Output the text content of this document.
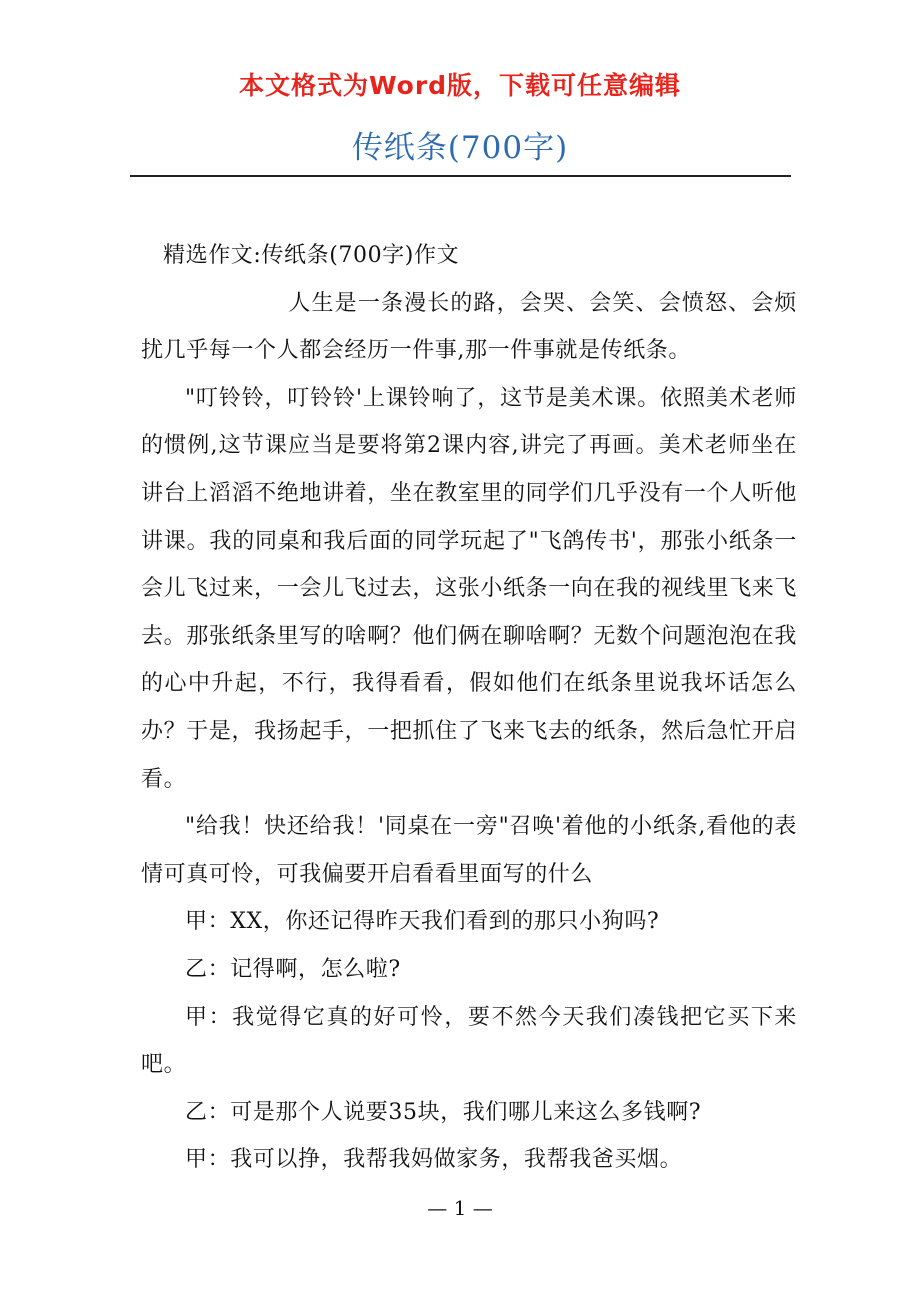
本文格式为Word版，下载可任意编辑
传纸条(700字)

精选作文:传纸条(700字)作文

人生是一条漫长的路，会哭、会笑、会愤怒、会烦扰几乎每一个人都会经历一件事,那一件事就是传纸条。

"叮铃铃，叮铃铃'上课铃响了，这节是美术课。依照美术老师的惯例,这节课应当是要将第2课内容,讲完了再画。美术老师坐在讲台上滔滔不绝地讲着，坐在教室里的同学们几乎没有一个人听他讲课。我的同桌和我后面的同学玩起了"飞鸽传书'，那张小纸条一会儿飞过来，一会儿飞过去，这张小纸条一向在我的视线里飞来飞去。那张纸条里写的啥啊？他们俩在聊啥啊？无数个问题泡泡在我的心中升起，不行，我得看看，假如他们在纸条里说我坏话怎么办？于是，我扬起手，一把抓住了飞来飞去的纸条，然后急忙开启看。

"给我！快还给我！'同桌在一旁"召唤'着他的小纸条,看他的表情可真可怜，可我偏要开启看看里面写的什么

甲：XX，你还记得昨天我们看到的那只小狗吗?

乙：记得啊，怎么啦?

甲：我觉得它真的好可怜，要不然今天我们凑钱把它买下来吧。

乙：可是那个人说要35块，我们哪儿来这么多钱啊?

甲：我可以挣，我帮我妈做家务，我帮我爸买烟。

— 1 —
